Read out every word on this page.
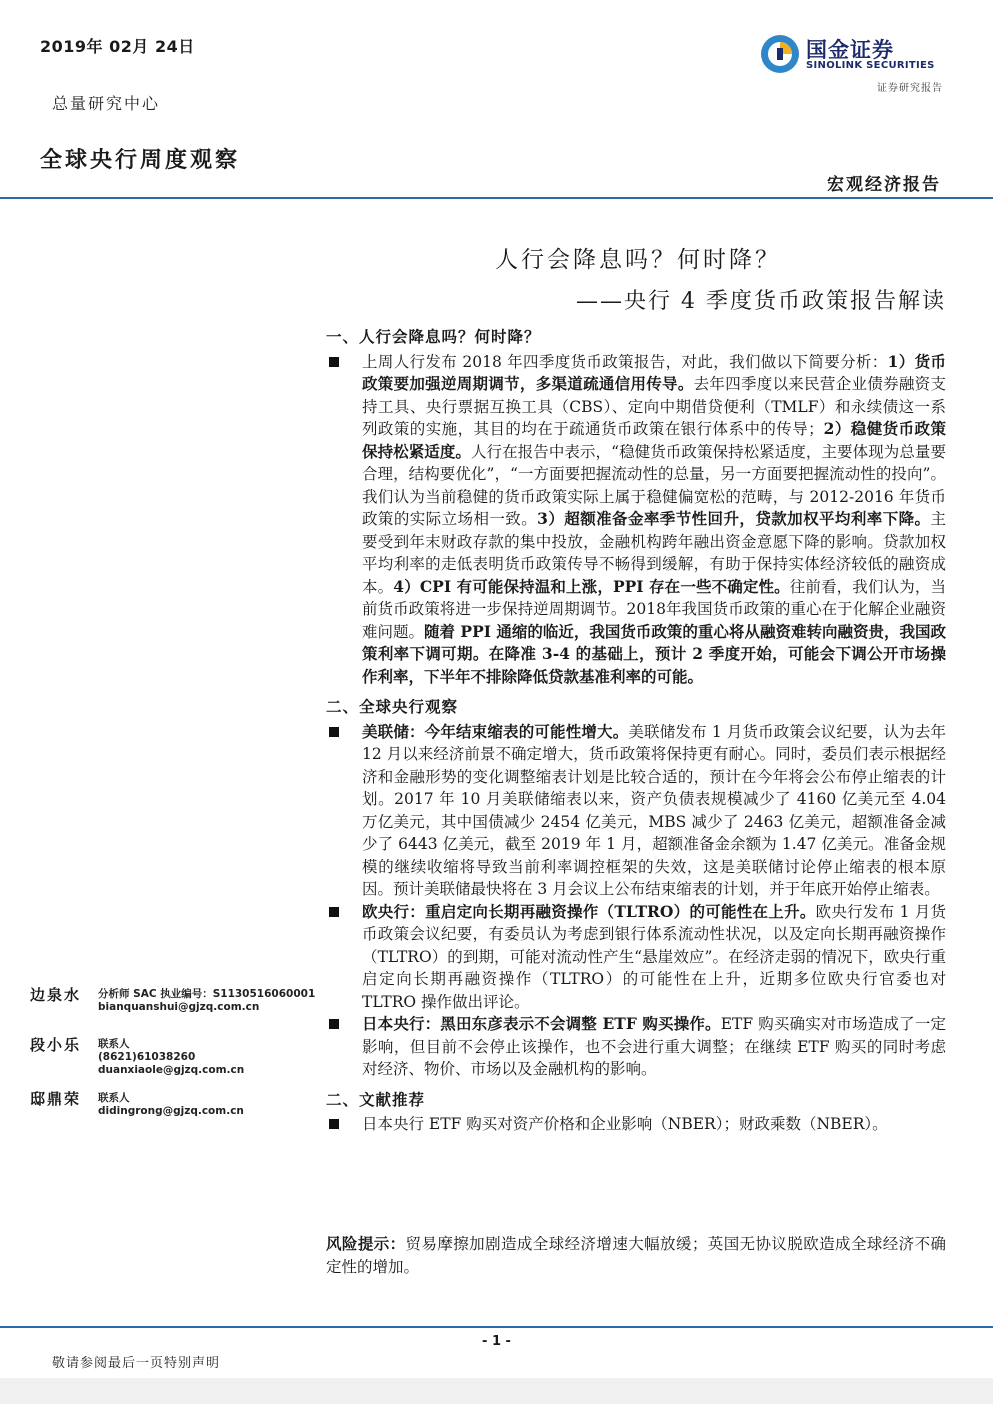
2019年 02月 24日
总量研究中心
全球央行周度观察
国金证券
SINOLINK SECURITIES
证券研究报告
宏观经济报告
人行会降息吗？何时降？
——央行 4 季度货币政策报告解读
一、人行会降息吗？何时降？
上周人行发布 2018 年四季度货币政策报告，对此，我们做以下简要分析：1）货币政策要加强逆周期调节，多渠道疏通信用传导。去年四季度以来民营企业债券融资支持工具、央行票据互换工具（CBS）、定向中期借贷便利（TMLF）和永续债这一系列政策的实施，其目的均在于疏通货币政策在银行体系中的传导；2）稳健货币政策保持松紧适度。人行在报告中表示，“稳健货币政策保持松紧适度，主要体现为总量要合理，结构要优化”，“一方面要把握流动性的总量，另一方面要把握流动性的投向”。我们认为当前稳健的货币政策实际上属于稳健偏宽松的范畴，与 2012-2016 年货币政策的实际立场相一致。3）超额准备金率季节性回升，贷款加权平均利率下降。主要受到年末财政存款的集中投放，金融机构跨年融出资金意愿下降的影响。贷款加权平均利率的走低表明货币政策传导不畅得到缓解，有助于保持实体经济较低的融资成本。4）CPI 有可能保持温和上涨，PPI 存在一些不确定性。往前看，我们认为，当前货币政策将进一步保持逆周期调节。2018年我国货币政策的重心在于化解企业融资难问题。随着 PPI 通缩的临近，我国货币政策的重心将从融资难转向融资贵，我国政策利率下调可期。在降准 3-4 的基础上，预计 2 季度开始，可能会下调公开市场操作利率，下半年不排除降低贷款基准利率的可能。
二、全球央行观察
美联储：今年结束缩表的可能性增大。美联储发布 1 月货币政策会议纪要，认为去年 12 月以来经济前景不确定增大，货币政策将保持更有耐心。同时，委员们表示根据经济和金融形势的变化调整缩表计划是比较合适的，预计在今年将会公布停止缩表的计划。2017 年 10 月美联储缩表以来，资产负债表规模减少了 4160 亿美元至 4.04 万亿美元，其中国债减少 2454 亿美元，MBS 减少了 2463 亿美元，超额准备金减少了 6443 亿美元，截至 2019 年 1 月，超额准备金余额为 1.47 亿美元。准备金规模的继续收缩将导致当前利率调控框架的失效，这是美联储讨论停止缩表的根本原因。预计美联储最快将在 3 月会议上公布结束缩表的计划，并于年底开始停止缩表。
欧央行：重启定向长期再融资操作（TLTRO）的可能性在上升。欧央行发布 1 月货币政策会议纪要，有委员认为考虑到银行体系流动性状况，以及定向长期再融资操作（TLTRO）的到期，可能对流动性产生“悬崖效应”。在经济走弱的情况下，欧央行重启定向长期再融资操作（TLTRO）的可能性在上升，近期多位欧央行官委也对 TLTRO 操作做出评论。
日本央行：黑田东彦表示不会调整 ETF 购买操作。ETF 购买确实对市场造成了一定影响，但目前不会停止该操作，也不会进行重大调整；在继续 ETF 购买的同时考虑对经济、物价、市场以及金融机构的影响。
二、文献推荐
日本央行 ETF 购买对资产价格和企业影响（NBER）；财政乘数（NBER）。
风险提示：贸易摩擦加剧造成全球经济增速大幅放缓；英国无协议脱欧造成全球经济不确定性的增加。
边泉水 分析师 SAC 执业编号：S1130516060001
bianquanshui@gjzq.com.cn
段小乐 联系人
(8621)61038260
duanxiaole@gjzq.com.cn
邸鼎荣 联系人
didingrong@gjzq.com.cn
- 1 -
敬请参阅最后一页特别声明
